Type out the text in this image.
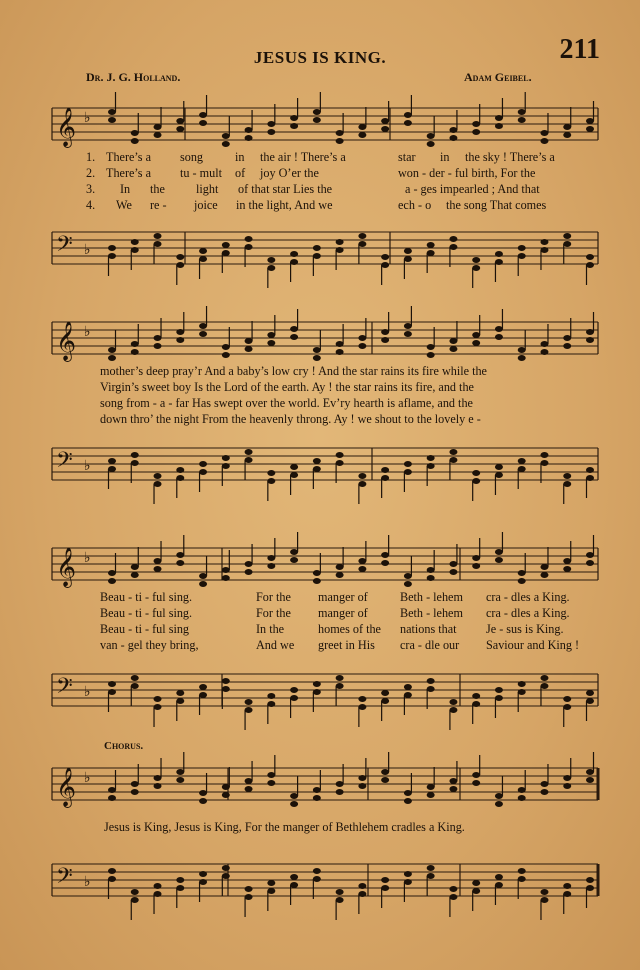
JESUS IS KING.	211
Dr. J. G. Holland.	Adam Geibel.
𝄞 ♭
1. There’s a song	in the air ! There’s a	star in the sky ! There’s a
2. There’s a tu - mult of joy O’er the	won - der - ful birth, For the
3. In the	light of that star Lies the	a - ges impearled ; And that
4. We re - joice in the light, And we	ech - o the song That comes
𝄢 ♭
𝄞 ♭
mother’s deep pray’r And a baby’s low cry ! And the star rains its fire while the
Virgin’s sweet boy Is the Lord of the earth. Ay ! the star rains its fire, and the
song from - a - far Has swept over the world. Ev’ry hearth is aflame, and the
down thro’ the night From the heavenly throng. Ay ! we shout to the lovely e -
𝄢 ♭
𝄞 ♭
Beau - ti - ful sing.	For the manger of	Beth - lehem cra - dles a King.
Beau - ti - ful sing.	For the manger of	Beth - lehem cra - dles a King.
Beau - ti - ful sing	In the	homes of the nations that Je - sus is King.
van - gel they bring,	And we greet in His cra - dle our Saviour and King !
𝄢 ♭
Chorus.
𝄞 ♭
Jesus is King, Jesus is King, For the manger of Bethlehem cradles a King.
𝄢 ♭
